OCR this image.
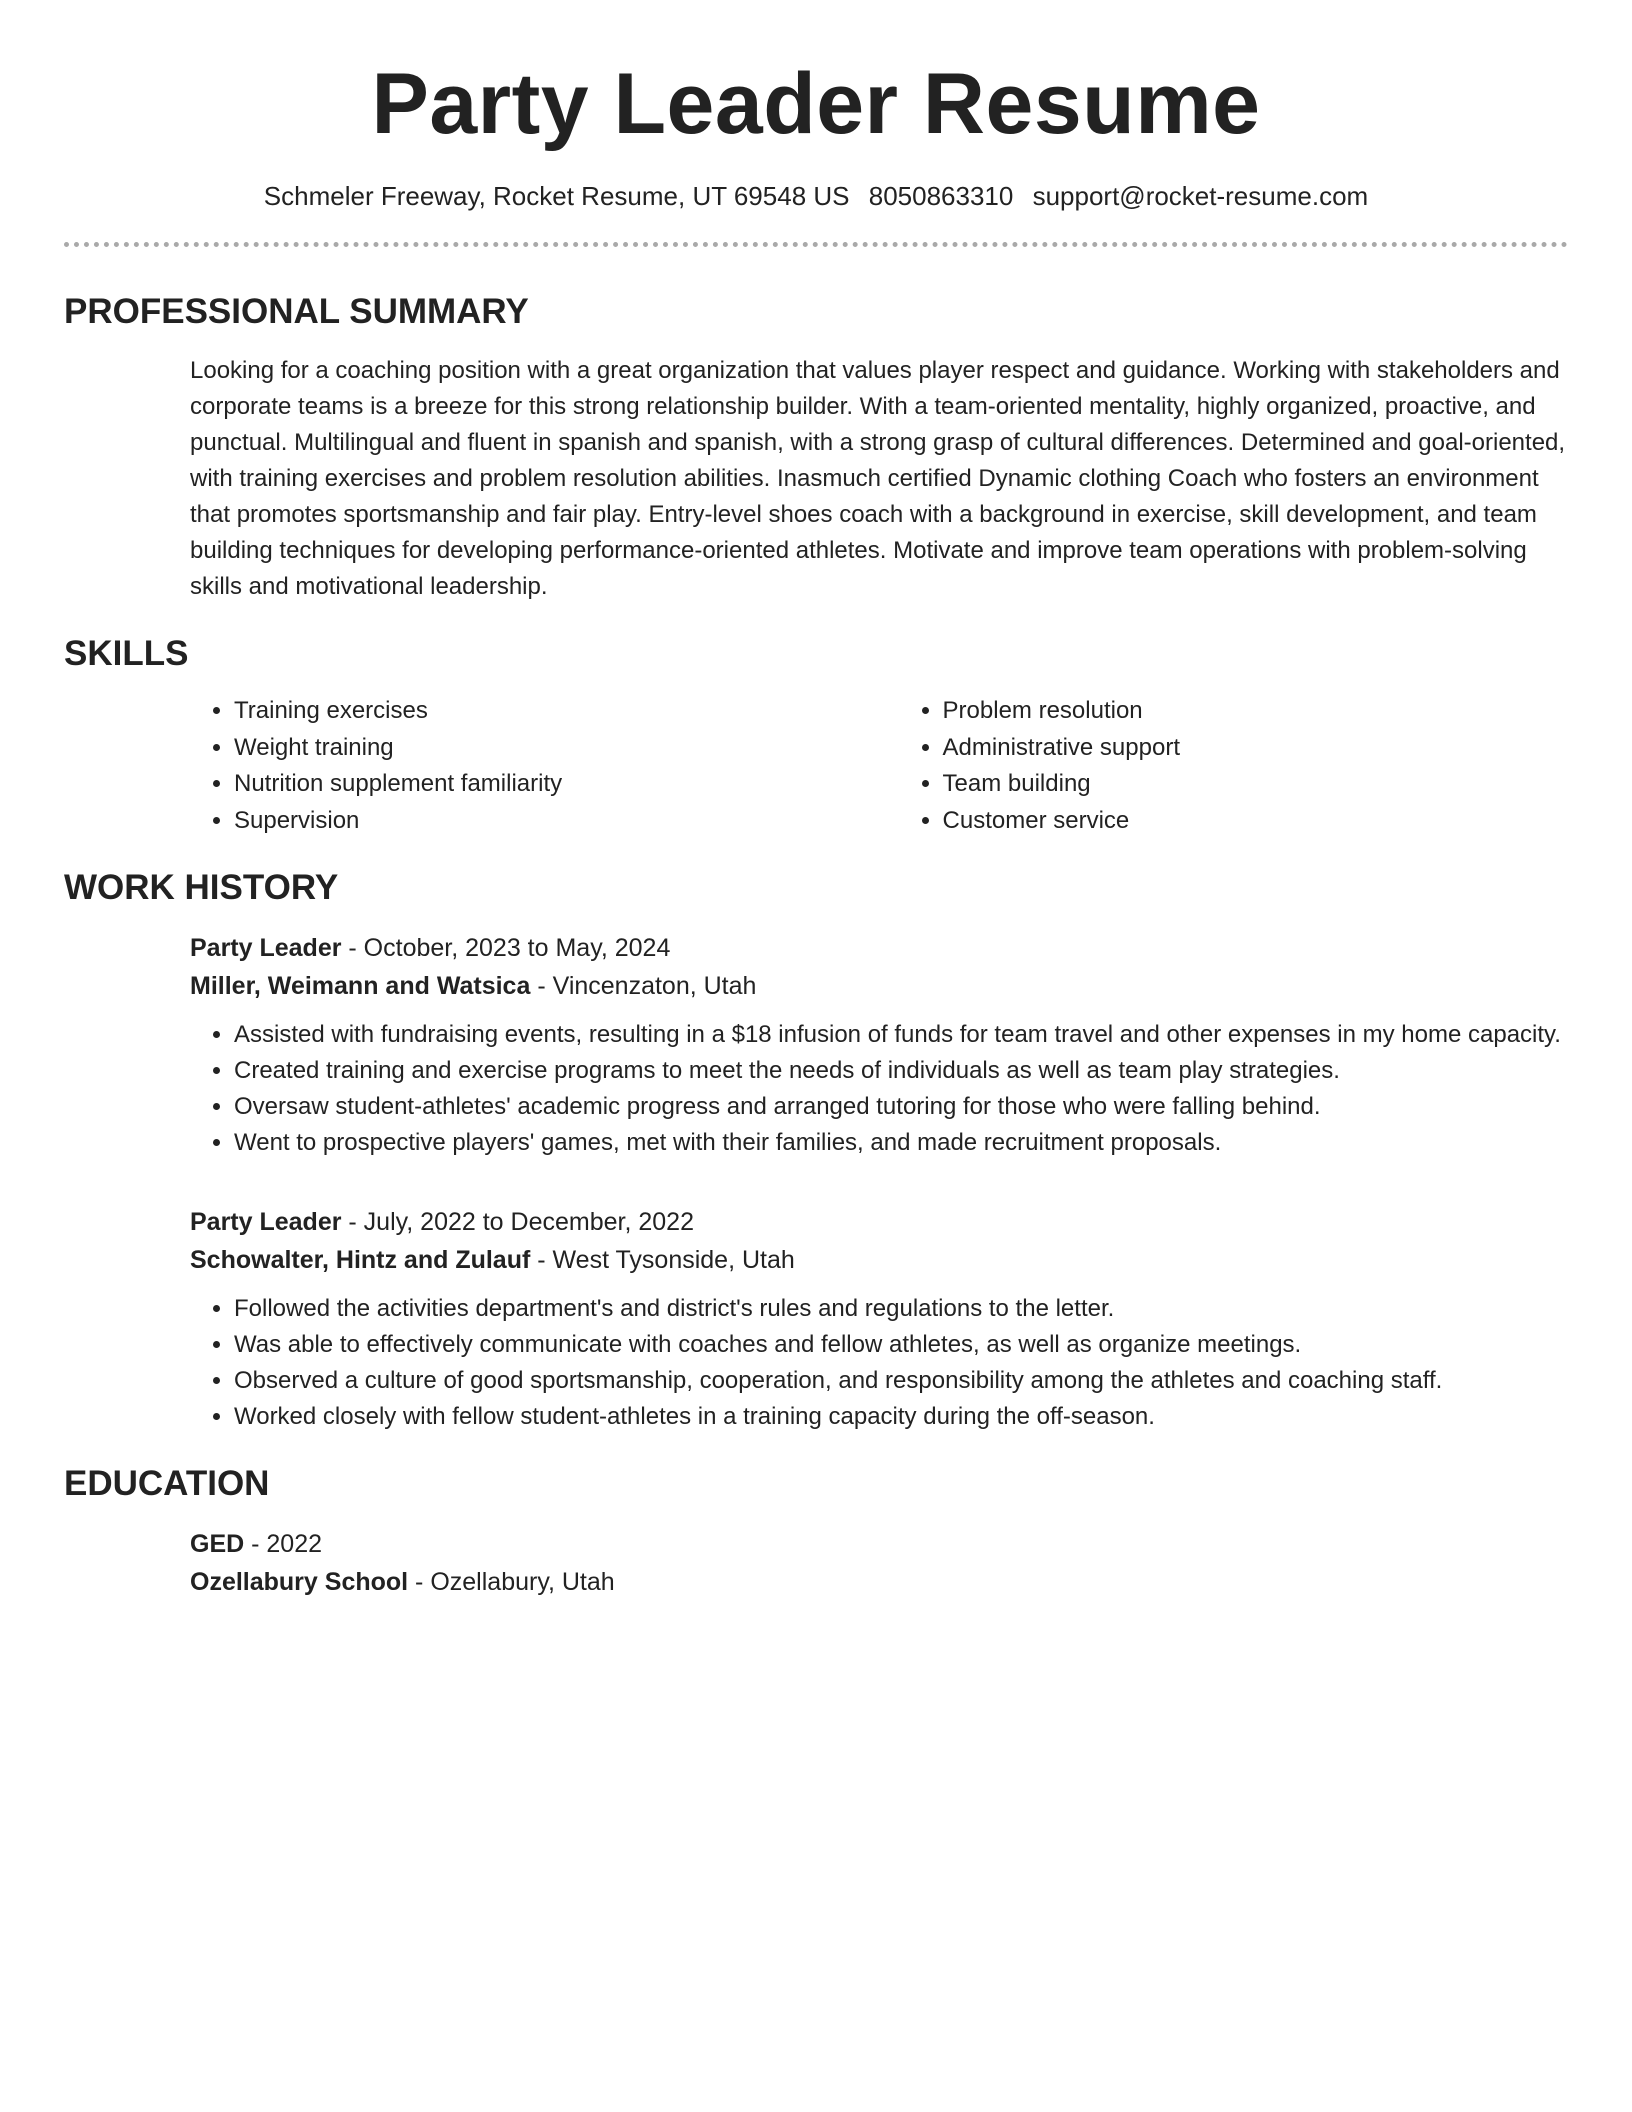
Party Leader Resume
Schmeler Freeway, Rocket Resume, UT 69548 US 8050863310 support@rocket-resume.com
PROFESSIONAL SUMMARY
Looking for a coaching position with a great organization that values player respect and guidance. Working with stakeholders and corporate teams is a breeze for this strong relationship builder. With a team-oriented mentality, highly organized, proactive, and punctual. Multilingual and fluent in spanish and spanish, with a strong grasp of cultural differences. Determined and goal-oriented, with training exercises and problem resolution abilities. Inasmuch certified Dynamic clothing Coach who fosters an environment that promotes sportsmanship and fair play. Entry-level shoes coach with a background in exercise, skill development, and team building techniques for developing performance-oriented athletes. Motivate and improve team operations with problem-solving skills and motivational leadership.
SKILLS
• Training exercises
• Weight training
• Nutrition supplement familiarity
• Supervision
• Problem resolution
• Administrative support
• Team building
• Customer service
WORK HISTORY
Party Leader - October, 2023 to May, 2024
Miller, Weimann and Watsica - Vincenzaton, Utah
• Assisted with fundraising events, resulting in a $18 infusion of funds for team travel and other expenses in my home capacity.
• Created training and exercise programs to meet the needs of individuals as well as team play strategies.
• Oversaw student-athletes' academic progress and arranged tutoring for those who were falling behind.
• Went to prospective players' games, met with their families, and made recruitment proposals.
Party Leader - July, 2022 to December, 2022
Schowalter, Hintz and Zulauf - West Tysonside, Utah
• Followed the activities department's and district's rules and regulations to the letter.
• Was able to effectively communicate with coaches and fellow athletes, as well as organize meetings.
• Observed a culture of good sportsmanship, cooperation, and responsibility among the athletes and coaching staff.
• Worked closely with fellow student-athletes in a training capacity during the off-season.
EDUCATION
GED - 2022
Ozellabury School - Ozellabury, Utah
